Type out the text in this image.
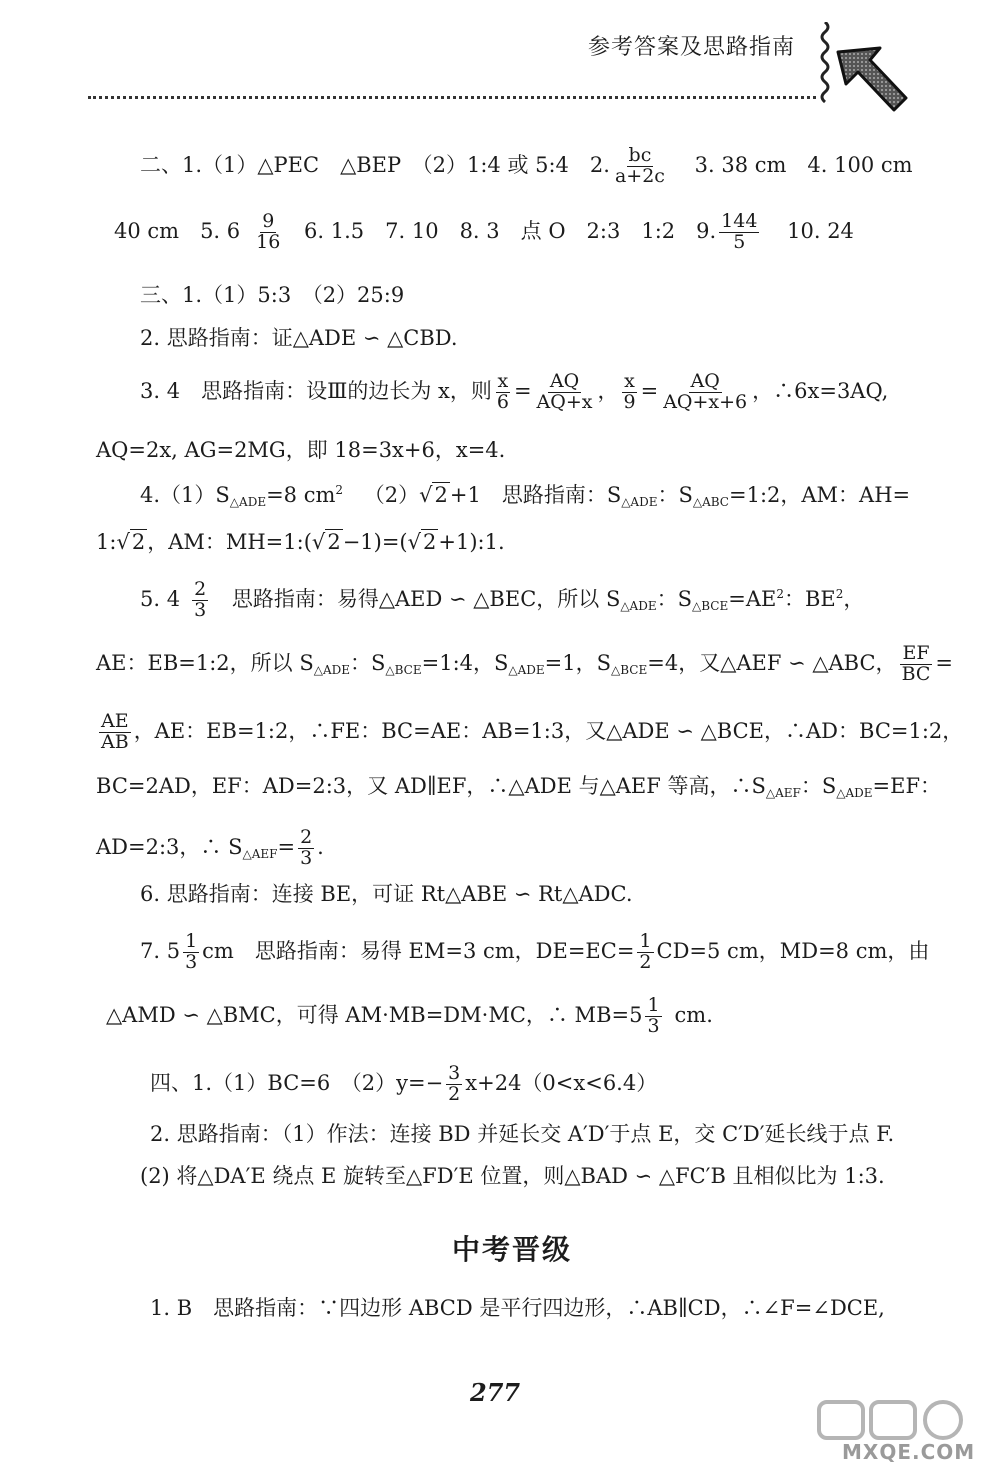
参考答案及思路指南
二、1.（1）△PEC　△BEP　（2）1:4 或 5:4　2. $\frac{bc}{a+2c} 3$. 38 cm　4. 100 cm
40 cm　5. $6 \frac{9}{16} 6$. 1.5　7. 10　8. 3　点 O　2:3　1:2　9. $\frac{144}{5} 10$. 24
三、1.（1）5:3　（2）25:9
2. 思路指南：证△ADE ∽ △CBD.
3. 4　思路指南：设Ⅲ的边长为 x，则 $\frac{x}{6} = \frac{AQ}{AQ+x}$ ， $\frac{x}{9} = \frac{AQ}{AQ+x+6}$ ，∴6x=3AQ,
AQ=2x, AG=2MG，即 18=3x+6，x=4.
$4.(1)S_{\triangle ADE}=8$ $cm^2$ （2）√2+1　思路指南：$S_{\triangle ADE}$：$S_{\triangle ABC}=1:2$，AM：AH=
1:√2，AM：MH=1:(√2−1)=(√2+1):1.
5. $4 \frac{2}{3}$ 思路指南：易得△AED ∽ △BEC，所以 $S_{\triangle ADE}$：$S_{\triangle BCE}=AE^2$：$BE^2$，
AE：EB=1:2，所以 $S_{\triangle ADE}$：$S_{\triangle BCE}=1:4$，$S_{\triangle ADE}=1$，$S_{\triangle BCE}=4$，又△AEF ∽ △ABC， $\frac{EF}{BC}$ =
$\frac{AE}{AB}$ ，AE：EB=1:2，∴FE：BC=AE：AB=1:3，又△ADE ∽ △BCE，∴AD：BC=1:2，
BC=2AD，EF：AD=2:3，又 AD∥EF，∴△ADE 与△AEF 等高，$\therefore S_{\triangle AEF}$：$S_{\triangle ADE}=EF$：
AD=2:3，∴ $S_{\triangle AEF}= \frac{2}{3}$ .
6. 思路指南：连接 BE，可证 Rt△ABE ∽ Rt△ADC.
7. $5 \frac{1}{3}$ cm　思路指南：易得 EM=3 cm，$DE=EC= \frac{1}{2} CD=5$ cm，MD=8 cm，由
△AMD ∽ △BMC，可得 AM·MB=DM·MC，∴ $MB=5 \frac{1}{3}$ cm.
四、1.（1）BC=6　$(2)y=- \frac{3}{2} x+24(0<x<6.4)$
2. 思路指南：（1）作法：连接 BD 并延长交 A′D′于点 E，交 C′D′延长线于点 F.
(2) 将△DA′E 绕点 E 旋转至△FD′E 位置，则△BAD ∽ △FC′B 且相似比为 1:3.
中考晋级
1. B　思路指南：∵四边形 ABCD 是平行四边形，∴AB∥CD，∴∠F=∠DCE,
277
MXQE.COM
